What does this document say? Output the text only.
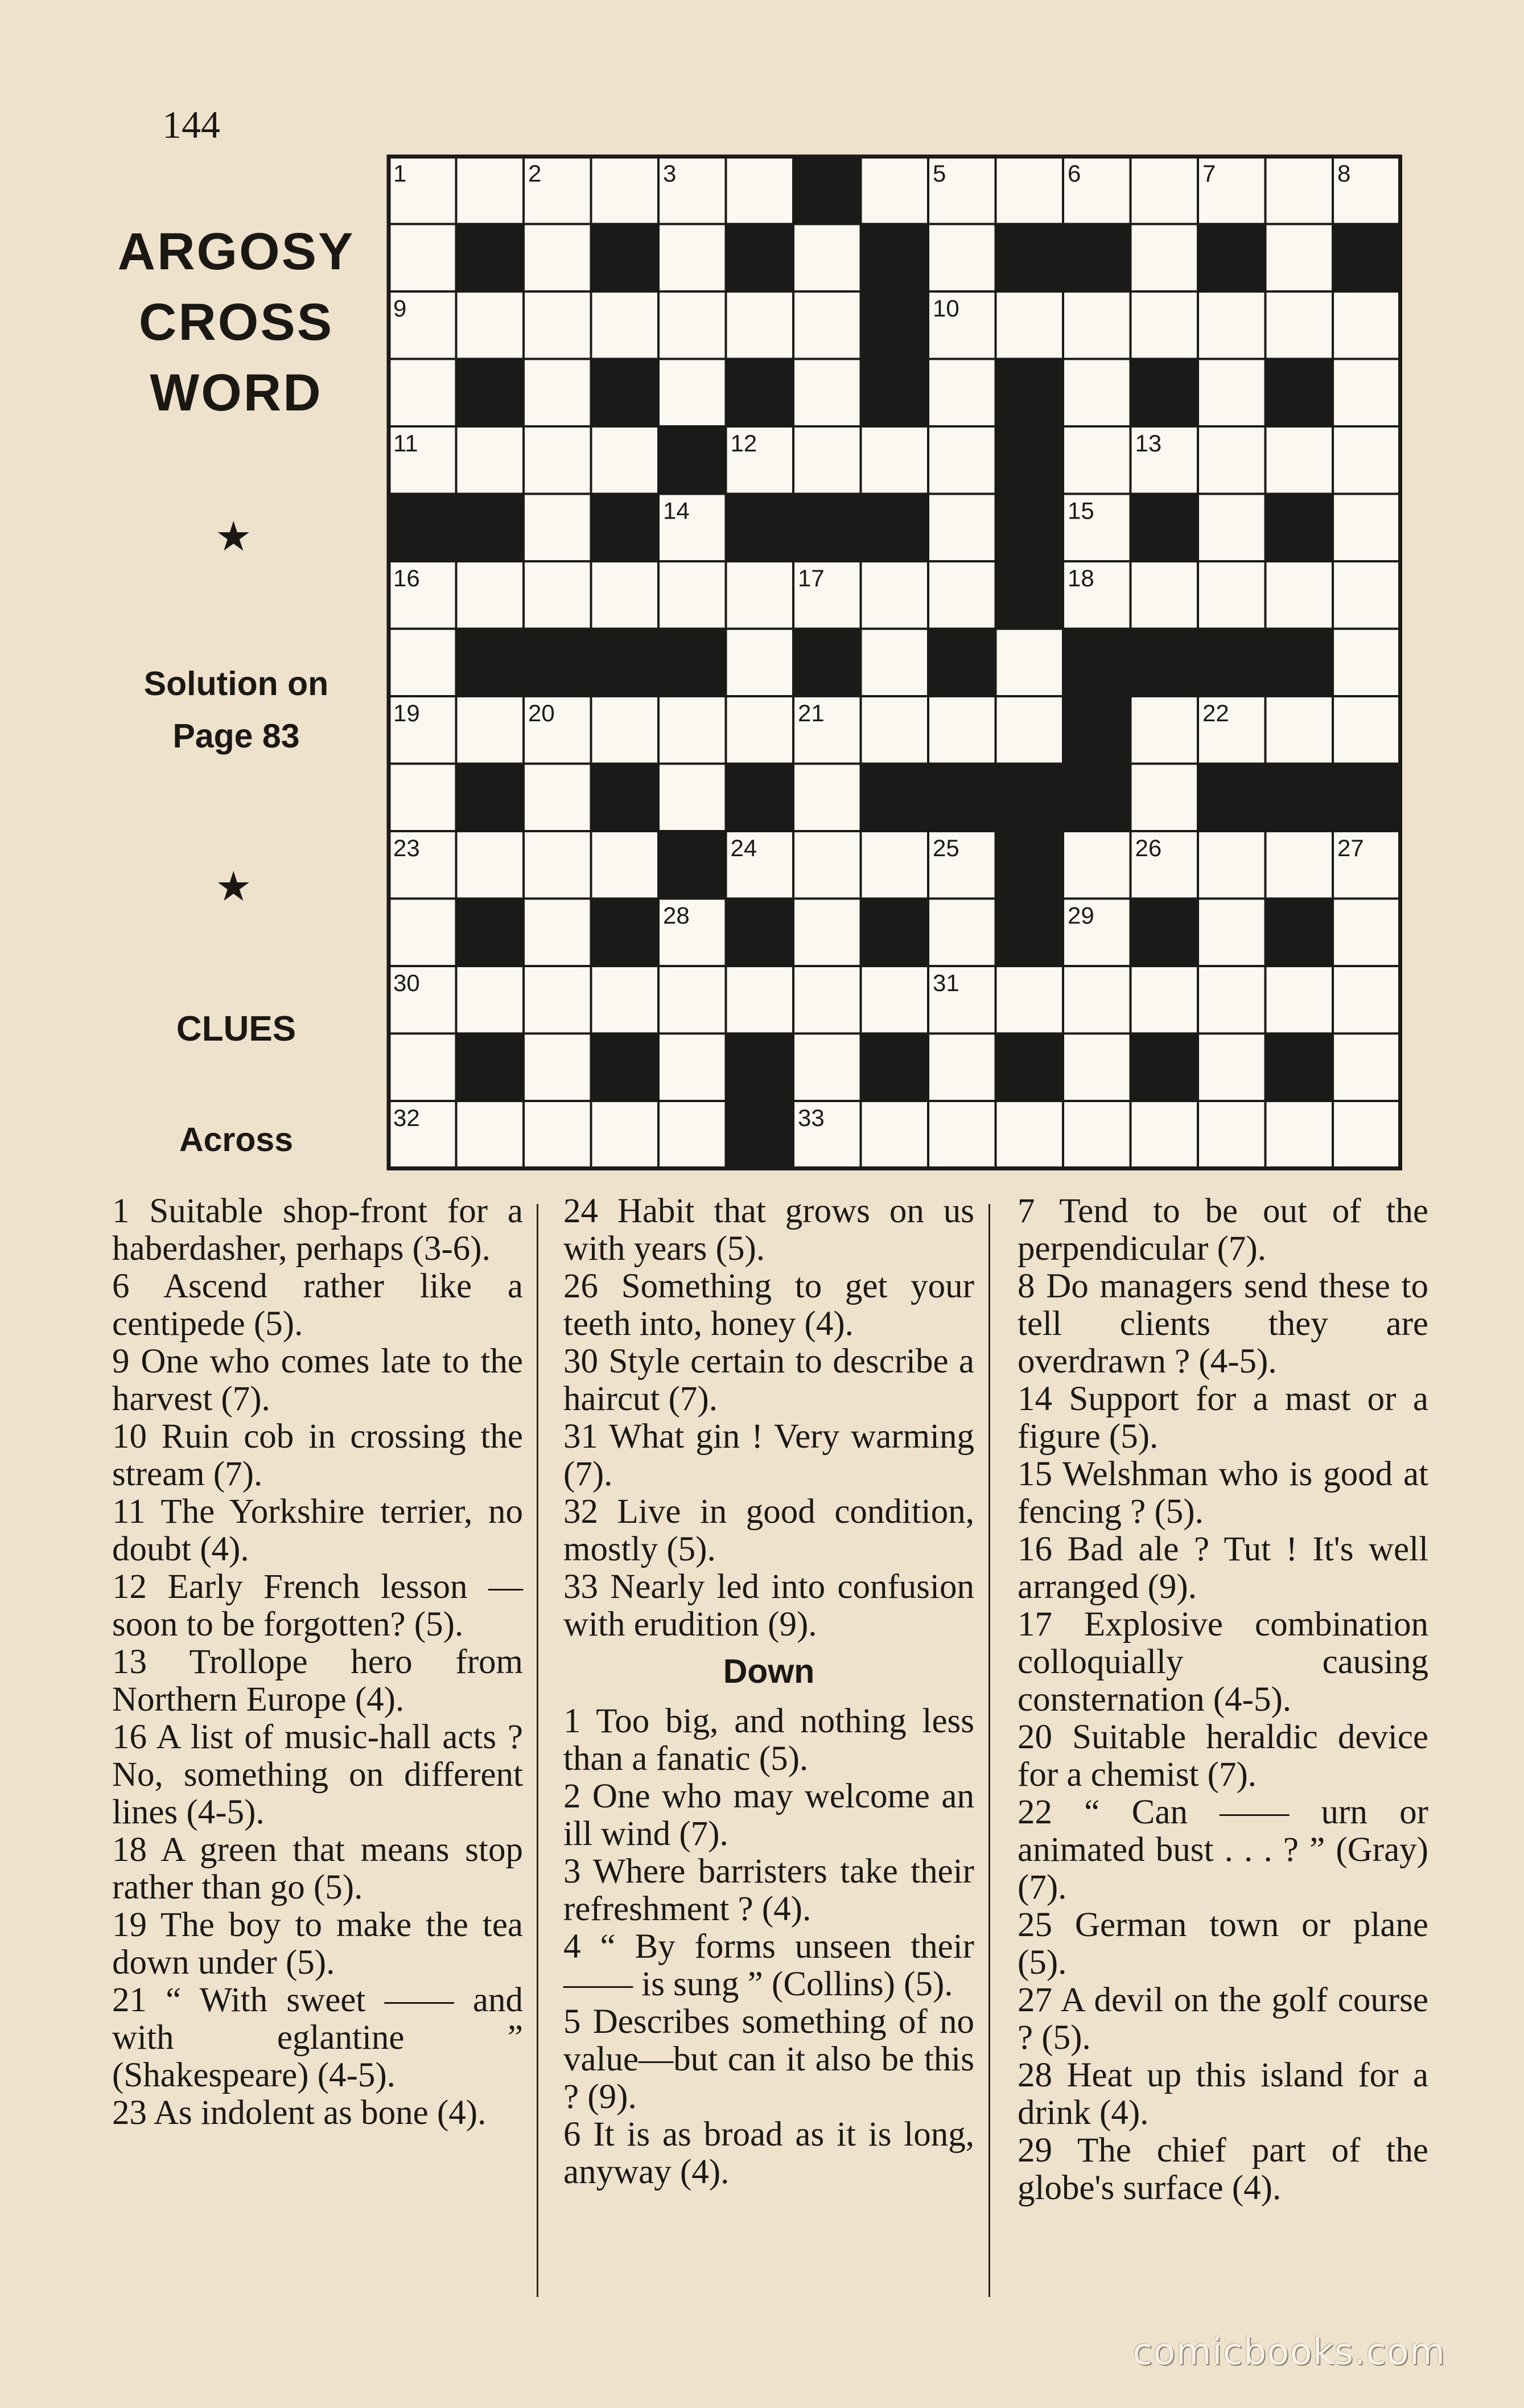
144
ARGOSY
CROSS
WORD
★
Solution on
Page 83
★
CLUES
Across
1	2	3	4	5	6	7	8
9	10
11	12	13
14	15
16	17	18
19	20	21	22
23	24	25	26	27
28	29
30	31
32	33

1 Suitable shop-front for a haberdasher, perhaps (3-6).

6 Ascend rather like a centipede (5).

9 One who comes late to the harvest (7).

10 Ruin cob in crossing the stream (7).

11 The Yorkshire terrier, no doubt (4).

12 Early French lesson —soon to be forgotten? (5).

13 Trollope hero from Northern Europe (4).

16 A list of music-hall acts ? No, something on different lines (4-5).

18 A green that means stop rather than go (5).

19 The boy to make the tea down under (5).

21 “ With sweet —— and with eglantine ” (Shakespeare) (4-5).

23 As indolent as bone (4).

24 Habit that grows on us with years (5).

26 Something to get your teeth into, honey (4).

30 Style certain to describe a haircut (7).

31 What gin ! Very warming (7).

32 Live in good condition, mostly (5).

33 Nearly led into confusion with erudition (9).

Down

1 Too big, and nothing less than a fanatic (5).

2 One who may welcome an ill wind (7).

3 Where barristers take their refreshment ? (4).

4 “ By forms unseen their —— is sung ” (Collins) (5).

5 Describes something of no value—but can it also be this ? (9).

6 It is as broad as it is long, anyway (4).

7 Tend to be out of the perpendicular (7).

8 Do managers send these to tell clients they are overdrawn ? (4-5).

14 Support for a mast or a figure (5).

15 Welshman who is good at fencing ? (5).

16 Bad ale ? Tut ! It's well arranged (9).

17 Explosive combination colloquially causing consternation (4-5).

20 Suitable heraldic device for a chemist (7).

22 “ Can —— urn or animated bust . . . ? ” (Gray) (7).

25 German town or plane (5).

27 A devil on the golf course ? (5).

28 Heat up this island for a drink (4).

29 The chief part of the globe's surface (4).

comicbooks.com
